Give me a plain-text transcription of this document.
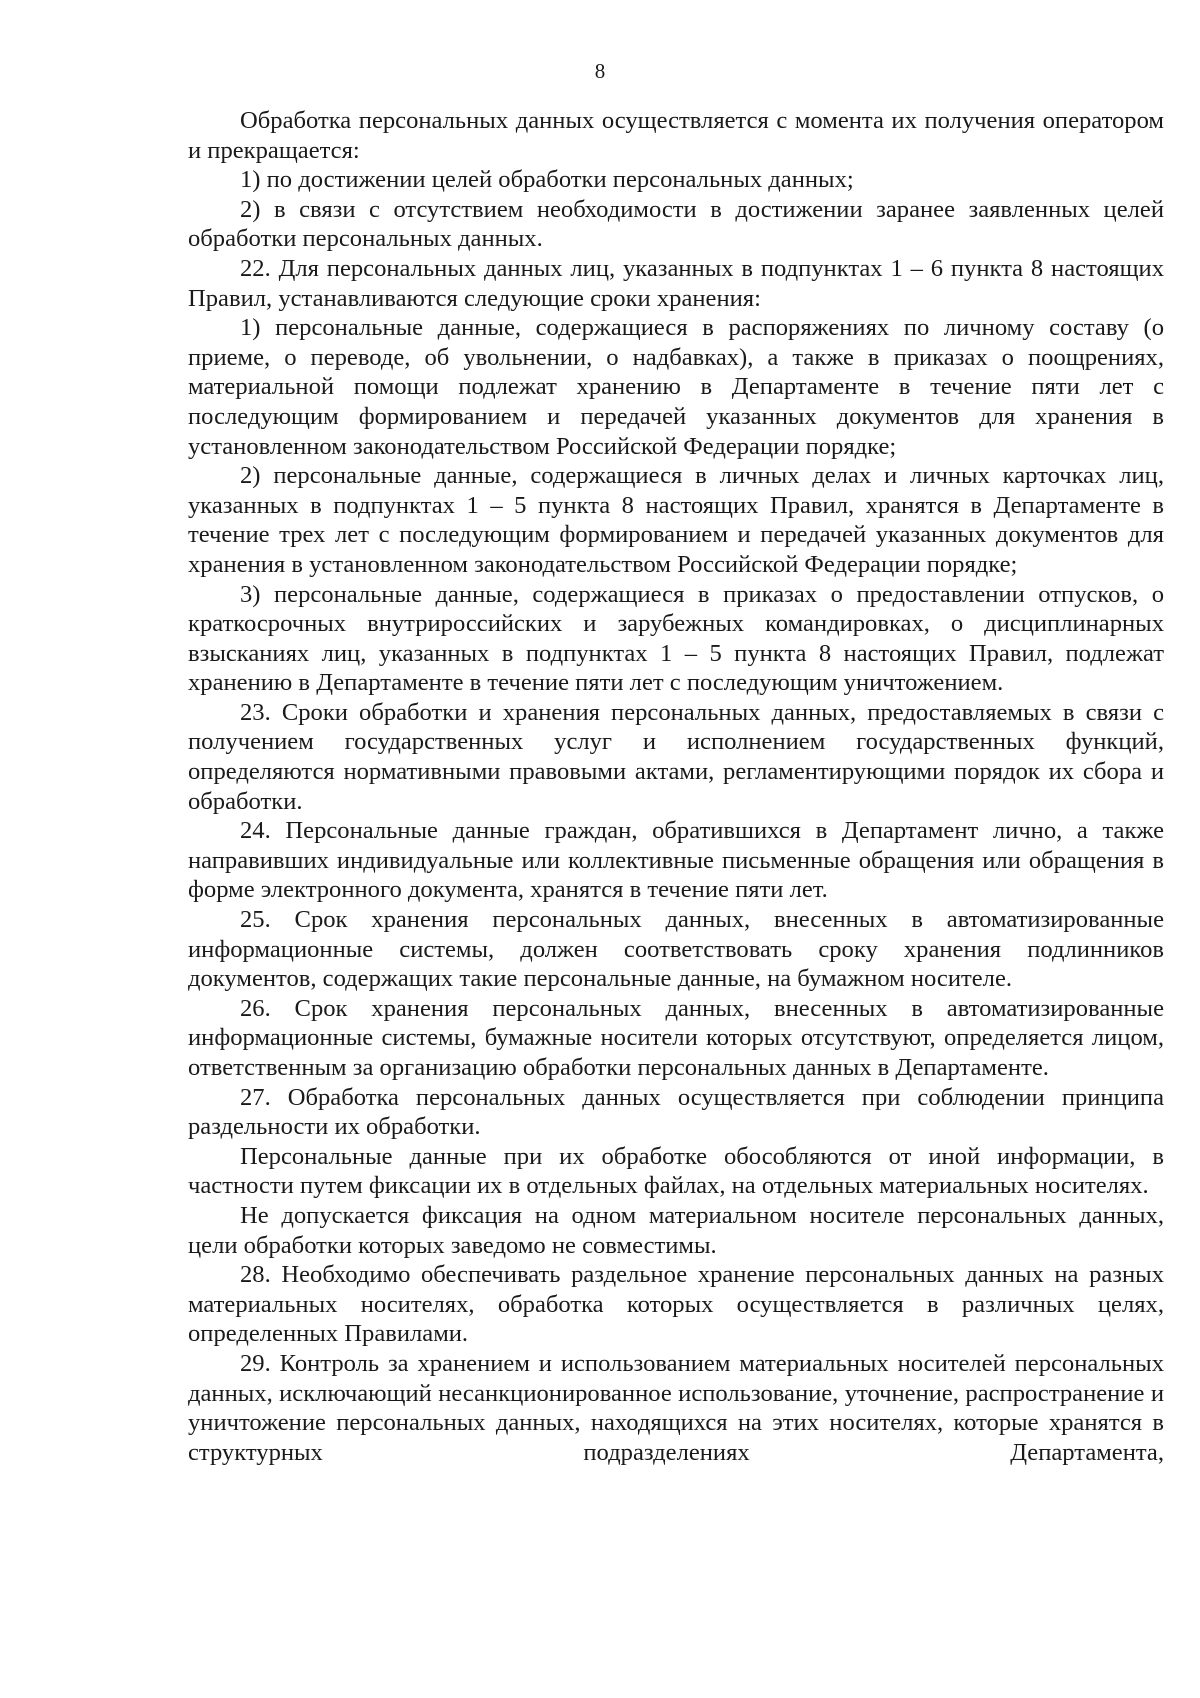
8

Обработка персональных данных осуществляется с момента их получения оператором и прекращается:

1) по достижении целей обработки персональных данных;

2) в связи с отсутствием необходимости в достижении заранее заявленных целей обработки персональных данных.

22. Для персональных данных лиц, указанных в подпунктах 1 – 6 пункта 8 настоящих Правил, устанавливаются следующие сроки хранения:

1) персональные данные, содержащиеся в распоряжениях по личному составу (о приеме, о переводе, об увольнении, о надбавках), а также в приказах о поощрениях, материальной помощи подлежат хранению в Департаменте в течение пяти лет с последующим формированием и передачей указанных документов для хранения в установленном законодательством Российской Федерации порядке;

2) персональные данные, содержащиеся в личных делах и личных карточках лиц, указанных в подпунктах 1 – 5 пункта 8 настоящих Правил, хранятся в Департаменте в течение трех лет с последующим формированием и передачей указанных документов для хранения в установленном законодательством Российской Федерации порядке;

3) персональные данные, содержащиеся в приказах о предоставлении отпусков, о краткосрочных внутрироссийских и зарубежных командировках, о дисциплинарных взысканиях лиц, указанных в подпунктах 1 – 5 пункта 8 настоящих Правил, подлежат хранению в Департаменте в течение пяти лет с последующим уничтожением.

23. Сроки обработки и хранения персональных данных, предоставляемых в связи с получением государственных услуг и исполнением государственных функций, определяются нормативными правовыми актами, регламентирующими порядок их сбора и обработки.

24. Персональные данные граждан, обратившихся в Департамент лично, а также направивших индивидуальные или коллективные письменные обращения или обращения в форме электронного документа, хранятся в течение пяти лет.

25. Срок хранения персональных данных, внесенных в автоматизированные информационные системы, должен соответствовать сроку хранения подлинников документов, содержащих такие персональные данные, на бумажном носителе.

26. Срок хранения персональных данных, внесенных в автоматизированные информационные системы, бумажные носители которых отсутствуют, определяется лицом, ответственным за организацию обработки персональных данных в Департаменте.

27. Обработка персональных данных осуществляется при соблюдении принципа раздельности их обработки.

Персональные данные при их обработке обособляются от иной информации, в частности путем фиксации их в отдельных файлах, на отдельных материальных носителях.

Не допускается фиксация на одном материальном носителе персональных данных, цели обработки которых заведомо не совместимы.

28. Необходимо обеспечивать раздельное хранение персональных данных на разных материальных носителях, обработка которых осуществляется в различных целях, определенных Правилами.

29. Контроль за хранением и использованием материальных носителей персональных данных, исключающий несанкционированное использование, уточнение, распространение и уничтожение персональных данных, находящихся на этих носителях, которые хранятся в структурных подразделениях Департамента,
